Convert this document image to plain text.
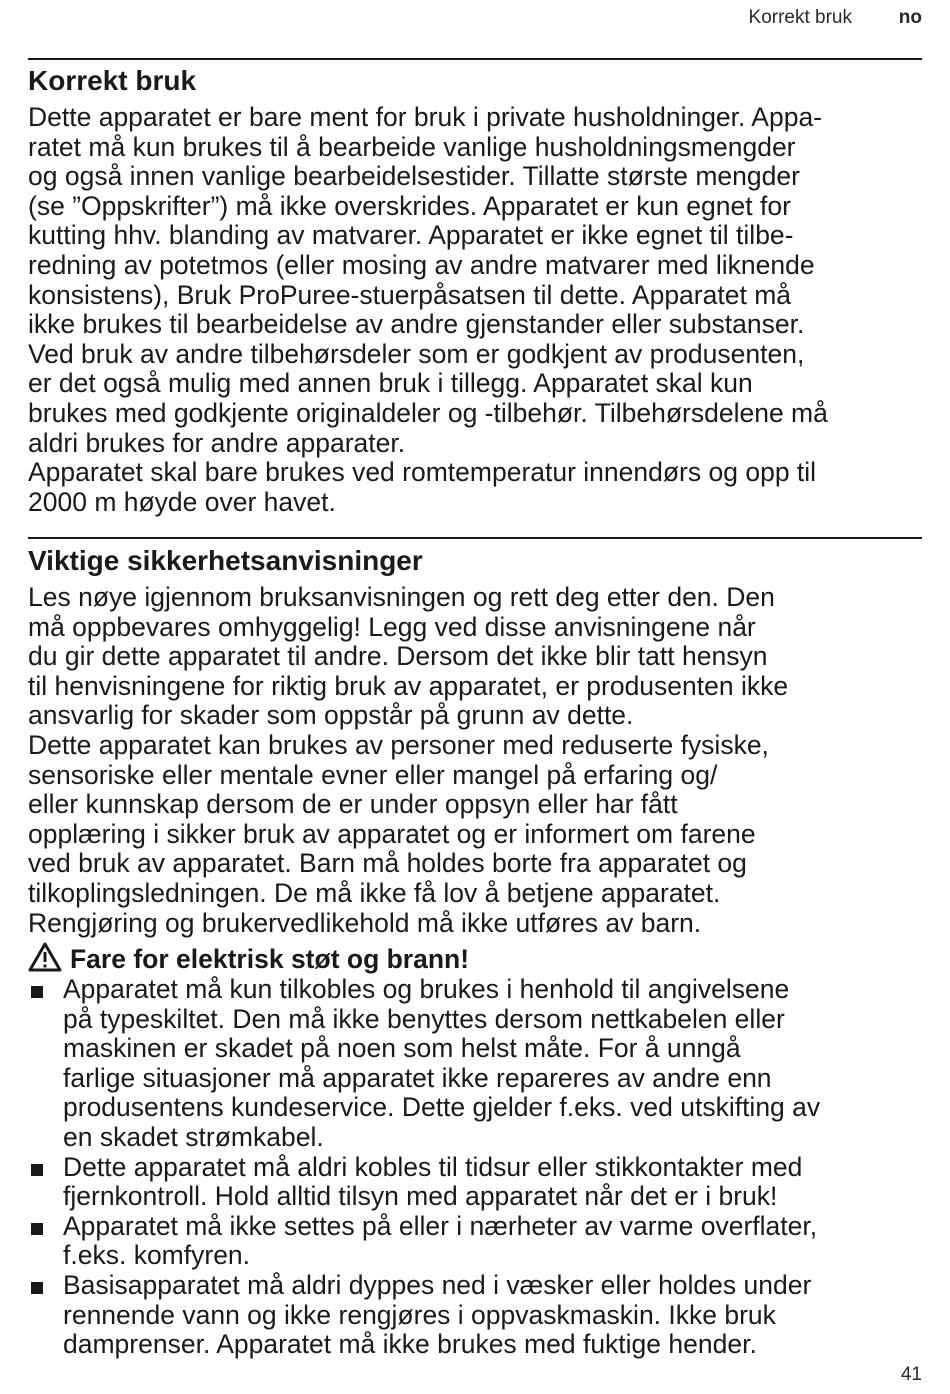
Korrekt bruk no
Korrekt bruk

Dette apparatet er bare ment for bruk i private husholdninger. Appa-
ratet må kun brukes til å bearbeide vanlige husholdningsmengder
og også innen vanlige bearbeidelsestider. Tillatte største mengder
(se ”Oppskrifter”) må ikke overskrides. Apparatet er kun egnet for
kutting hhv. blanding av matvarer. Apparatet er ikke egnet til tilbe-
redning av potetmos (eller mosing av andre matvarer med liknende
konsistens), Bruk ProPuree-stuerpåsatsen til dette. Apparatet må
ikke brukes til bearbeidelse av andre gjenstander eller substanser.
Ved bruk av andre tilbehørsdeler som er godkjent av produsenten,
er det også mulig med annen bruk i tillegg. Apparatet skal kun
brukes med godkjente originaldeler og -tilbehør. Tilbehørsdelene må
aldri brukes for andre apparater.

Apparatet skal bare brukes ved romtemperatur innendørs og opp til
2000 m høyde over havet.

Viktige sikkerhetsanvisninger

Les nøye igjennom bruksanvisningen og rett deg etter den. Den
må oppbevares omhyggelig! Legg ved disse anvisningene når
du gir dette apparatet til andre. Dersom det ikke blir tatt hensyn
til henvisningene for riktig bruk av apparatet, er produsenten ikke
ansvarlig for skader som oppstår på grunn av dette.

Dette apparatet kan brukes av personer med reduserte fysiske,
sensoriske eller mentale evner eller mangel på erfaring og/
eller kunnskap dersom de er under oppsyn eller har fått
opplæring i sikker bruk av apparatet og er informert om farene
ved bruk av apparatet. Barn må holdes borte fra apparatet og
tilkoplingsledningen. De må ikke få lov å betjene apparatet.
Rengjøring og brukervedlikehold må ikke utføres av barn.

Fare for elektrisk støt og brann!
Apparatet må kun tilkobles og brukes i henhold til angivelsene
på typeskiltet. Den må ikke benyttes dersom nettkabelen eller
maskinen er skadet på noen som helst måte. For å unngå
farlige situasjoner må apparatet ikke repareres av andre enn
produsentens kundeservice. Dette gjelder f.eks. ved utskifting av
en skadet strømkabel.
Dette apparatet må aldri kobles til tidsur eller stikkontakter med
fjernkontroll. Hold alltid tilsyn med apparatet når det er i bruk!
Apparatet må ikke settes på eller i nærheter av varme overflater,
f.eks. komfyren.
Basisapparatet må aldri dyppes ned i væsker eller holdes under
rennende vann og ikke rengjøres i oppvaskmaskin. Ikke bruk
damprenser. Apparatet må ikke brukes med fuktige hender.
41
